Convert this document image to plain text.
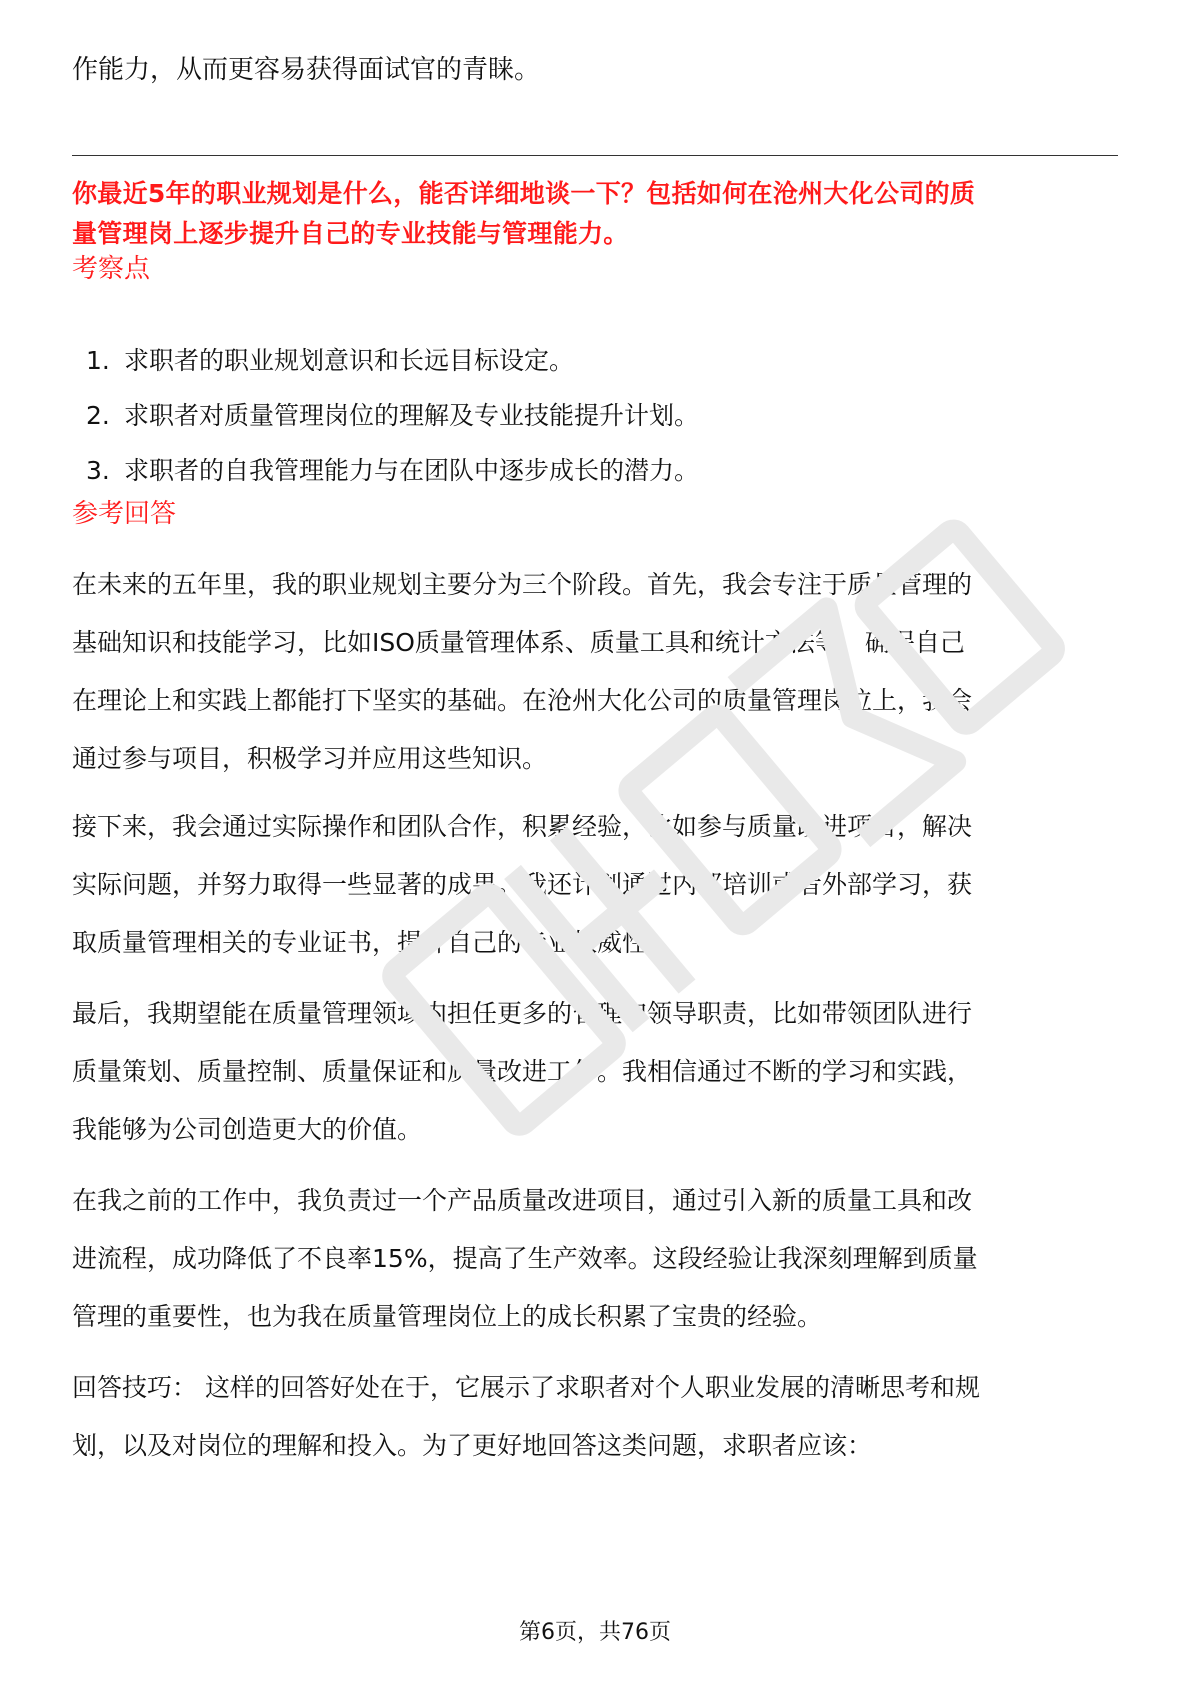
作能力，从而更容易获得面试官的青睐。
你最近5年的职业规划是什么，能否详细地谈一下？包括如何在沧州大化公司的质
量管理岗上逐步提升自己的专业技能与管理能力。
考察点
1. 求职者的职业规划意识和长远目标设定。
2. 求职者对质量管理岗位的理解及专业技能提升计划。
3. 求职者的自我管理能力与在团队中逐步成长的潜力。
参考回答
在未来的五年里，我的职业规划主要分为三个阶段。首先，我会专注于质量管理的
基础知识和技能学习，比如ISO质量管理体系、质量工具和统计方法等，确保自己
在理论上和实践上都能打下坚实的基础。在沧州大化公司的质量管理岗位上，我会
通过参与项目，积极学习并应用这些知识。
接下来，我会通过实际操作和团队合作，积累经验，比如参与质量改进项目，解决
实际问题，并努力取得一些显著的成果。我还计划通过内部培训或者外部学习，获
取质量管理相关的专业证书，提升自己的专业权威性。
最后，我期望能在质量管理领域内担任更多的管理和领导职责，比如带领团队进行
质量策划、质量控制、质量保证和质量改进工作。我相信通过不断的学习和实践，
我能够为公司创造更大的价值。
在我之前的工作中，我负责过一个产品质量改进项目，通过引入新的质量工具和改
进流程，成功降低了不良率15%，提高了生产效率。这段经验让我深刻理解到质量
管理的重要性，也为我在质量管理岗位上的成长积累了宝贵的经验。
回答技巧： 这样的回答好处在于，它展示了求职者对个人职业发展的清晰思考和规
划，以及对岗位的理解和投入。为了更好地回答这类问题，求职者应该：
第6页，共76页
